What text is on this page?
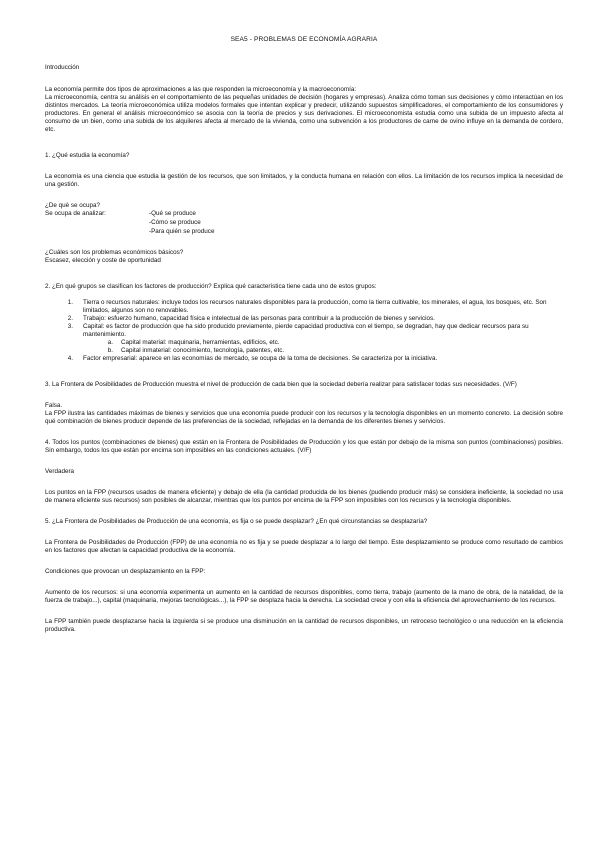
SEA5 - PROBLEMAS DE ECONOMÍA AGRARIA

Introducción

La economía permite dos tipos de aproximaciones a las que responden la microeconomía y la macroeconomía:

La microeconomía, centra su análisis en el comportamiento de las pequeñas unidades de decisión (hogares y empresas). Analiza cómo toman sus decisiones y cómo interactúan en los distintos mercados. La teoría microeconómica utiliza modelos formales que intentan explicar y predecir, utilizando supuestos simplificadores, el comportamiento de los consumidores y productores. En general el análisis microeconómico se asocia con la teoría de precios y sus derivaciones. El microeconomista estudia como una subida de un impuesto afecta al consumo de un bien, como una subida de los alquileres afecta al mercado de la vivienda, como una subvención a los productores de carne de ovino influye en la demanda de cordero, etc.

1. ¿Qué estudia la economía?

La economía es una ciencia que estudia la gestión de los recursos, que son limitados, y la conducta humana en relación con ellos. La limitación de los recursos implica la necesidad de una gestión.

¿De qué se ocupa?

Se ocupa de analizar:	-Qué se produce
-Cómo se produce
-Para quién se produce

¿Cuáles son los problemas económicos básicos?

Escasez, elección y coste de oportunidad

2. ¿En qué grupos se clasifican los factores de producción? Explica qué característica tiene cada uno de estos grupos:

1.	Tierra o recursos naturales: incluye todos los recursos naturales disponibles para la producción, como la tierra cultivable, los minerales, el agua, los bosques, etc. Son limitados, algunos son no renovables.
2.	Trabajo: esfuerzo humano, capacidad física e intelectual de las personas para contribuir a la producción de bienes y servicios.
3.	Capital: es factor de producción que ha sido producido previamente, pierde capacidad productiva con el tiempo, se degradan, hay que dedicar recursos para su mantenimiento.
a.	Capital material: maquinaria, herramientas, edificios, etc.
b.	Capital inmaterial: conocimiento, tecnología, patentes, etc.
4.	Factor empresarial: aparece en las economías de mercado, se ocupa de la toma de decisiones. Se caracteriza por la iniciativa.

3. La Frontera de Posibilidades de Producción muestra el nivel de producción de cada bien que la sociedad debería realizar para satisfacer todas sus necesidades. (V/F)

Falsa.

La FPP ilustra las cantidades máximas de bienes y servicios que una economía puede producir con los recursos y la tecnología disponibles en un momento concreto. La decisión sobre qué combinación de bienes producir depende de las preferencias de la sociedad, reflejadas en la demanda de los diferentes bienes y servicios.

4. Todos los puntos (combinaciones de bienes) que están en la Frontera de Posibilidades de Producción y los que están por debajo de la misma son puntos (combinaciones) posibles. Sin embargo, todos los que están por encima son imposibles en las condiciones actuales. (V/F)

Verdadera

Los puntos en la FPP (recursos usados de manera eficiente) y debajo de ella (la cantidad producida de los bienes (pudiendo producir más) se considera ineficiente, la sociedad no usa de manera eficiente sus recursos) son posibles de alcanzar, mientras que los puntos por encima de la FPP son imposibles con los recursos y la tecnología disponibles.

5. ¿La Frontera de Posibilidades de Producción de una economía, es fija o se puede desplazar? ¿En qué circunstancias se desplazaría?

La Frontera de Posibilidades de Producción (FPP) de una economía no es fija y se puede desplazar a lo largo del tiempo. Este desplazamiento se produce como resultado de cambios en los factores que afectan la capacidad productiva de la economía.

Condiciones que provocan un desplazamiento en la FPP:

Aumento de los recursos: si una economía experimenta un aumento en la cantidad de recursos disponibles, como tierra, trabajo (aumento de la mano de obra, de la natalidad, de la fuerza de trabajo...), capital (maquinaria, mejoras tecnológicas...), la FPP se desplaza hacia la derecha. La sociedad crece y con ella la eficiencia del aprovechamiento de los recursos.

La FPP también puede desplazarse hacia la izquierda si se produce una disminución en la cantidad de recursos disponibles, un retroceso tecnológico o una reducción en la eficiencia productiva.
